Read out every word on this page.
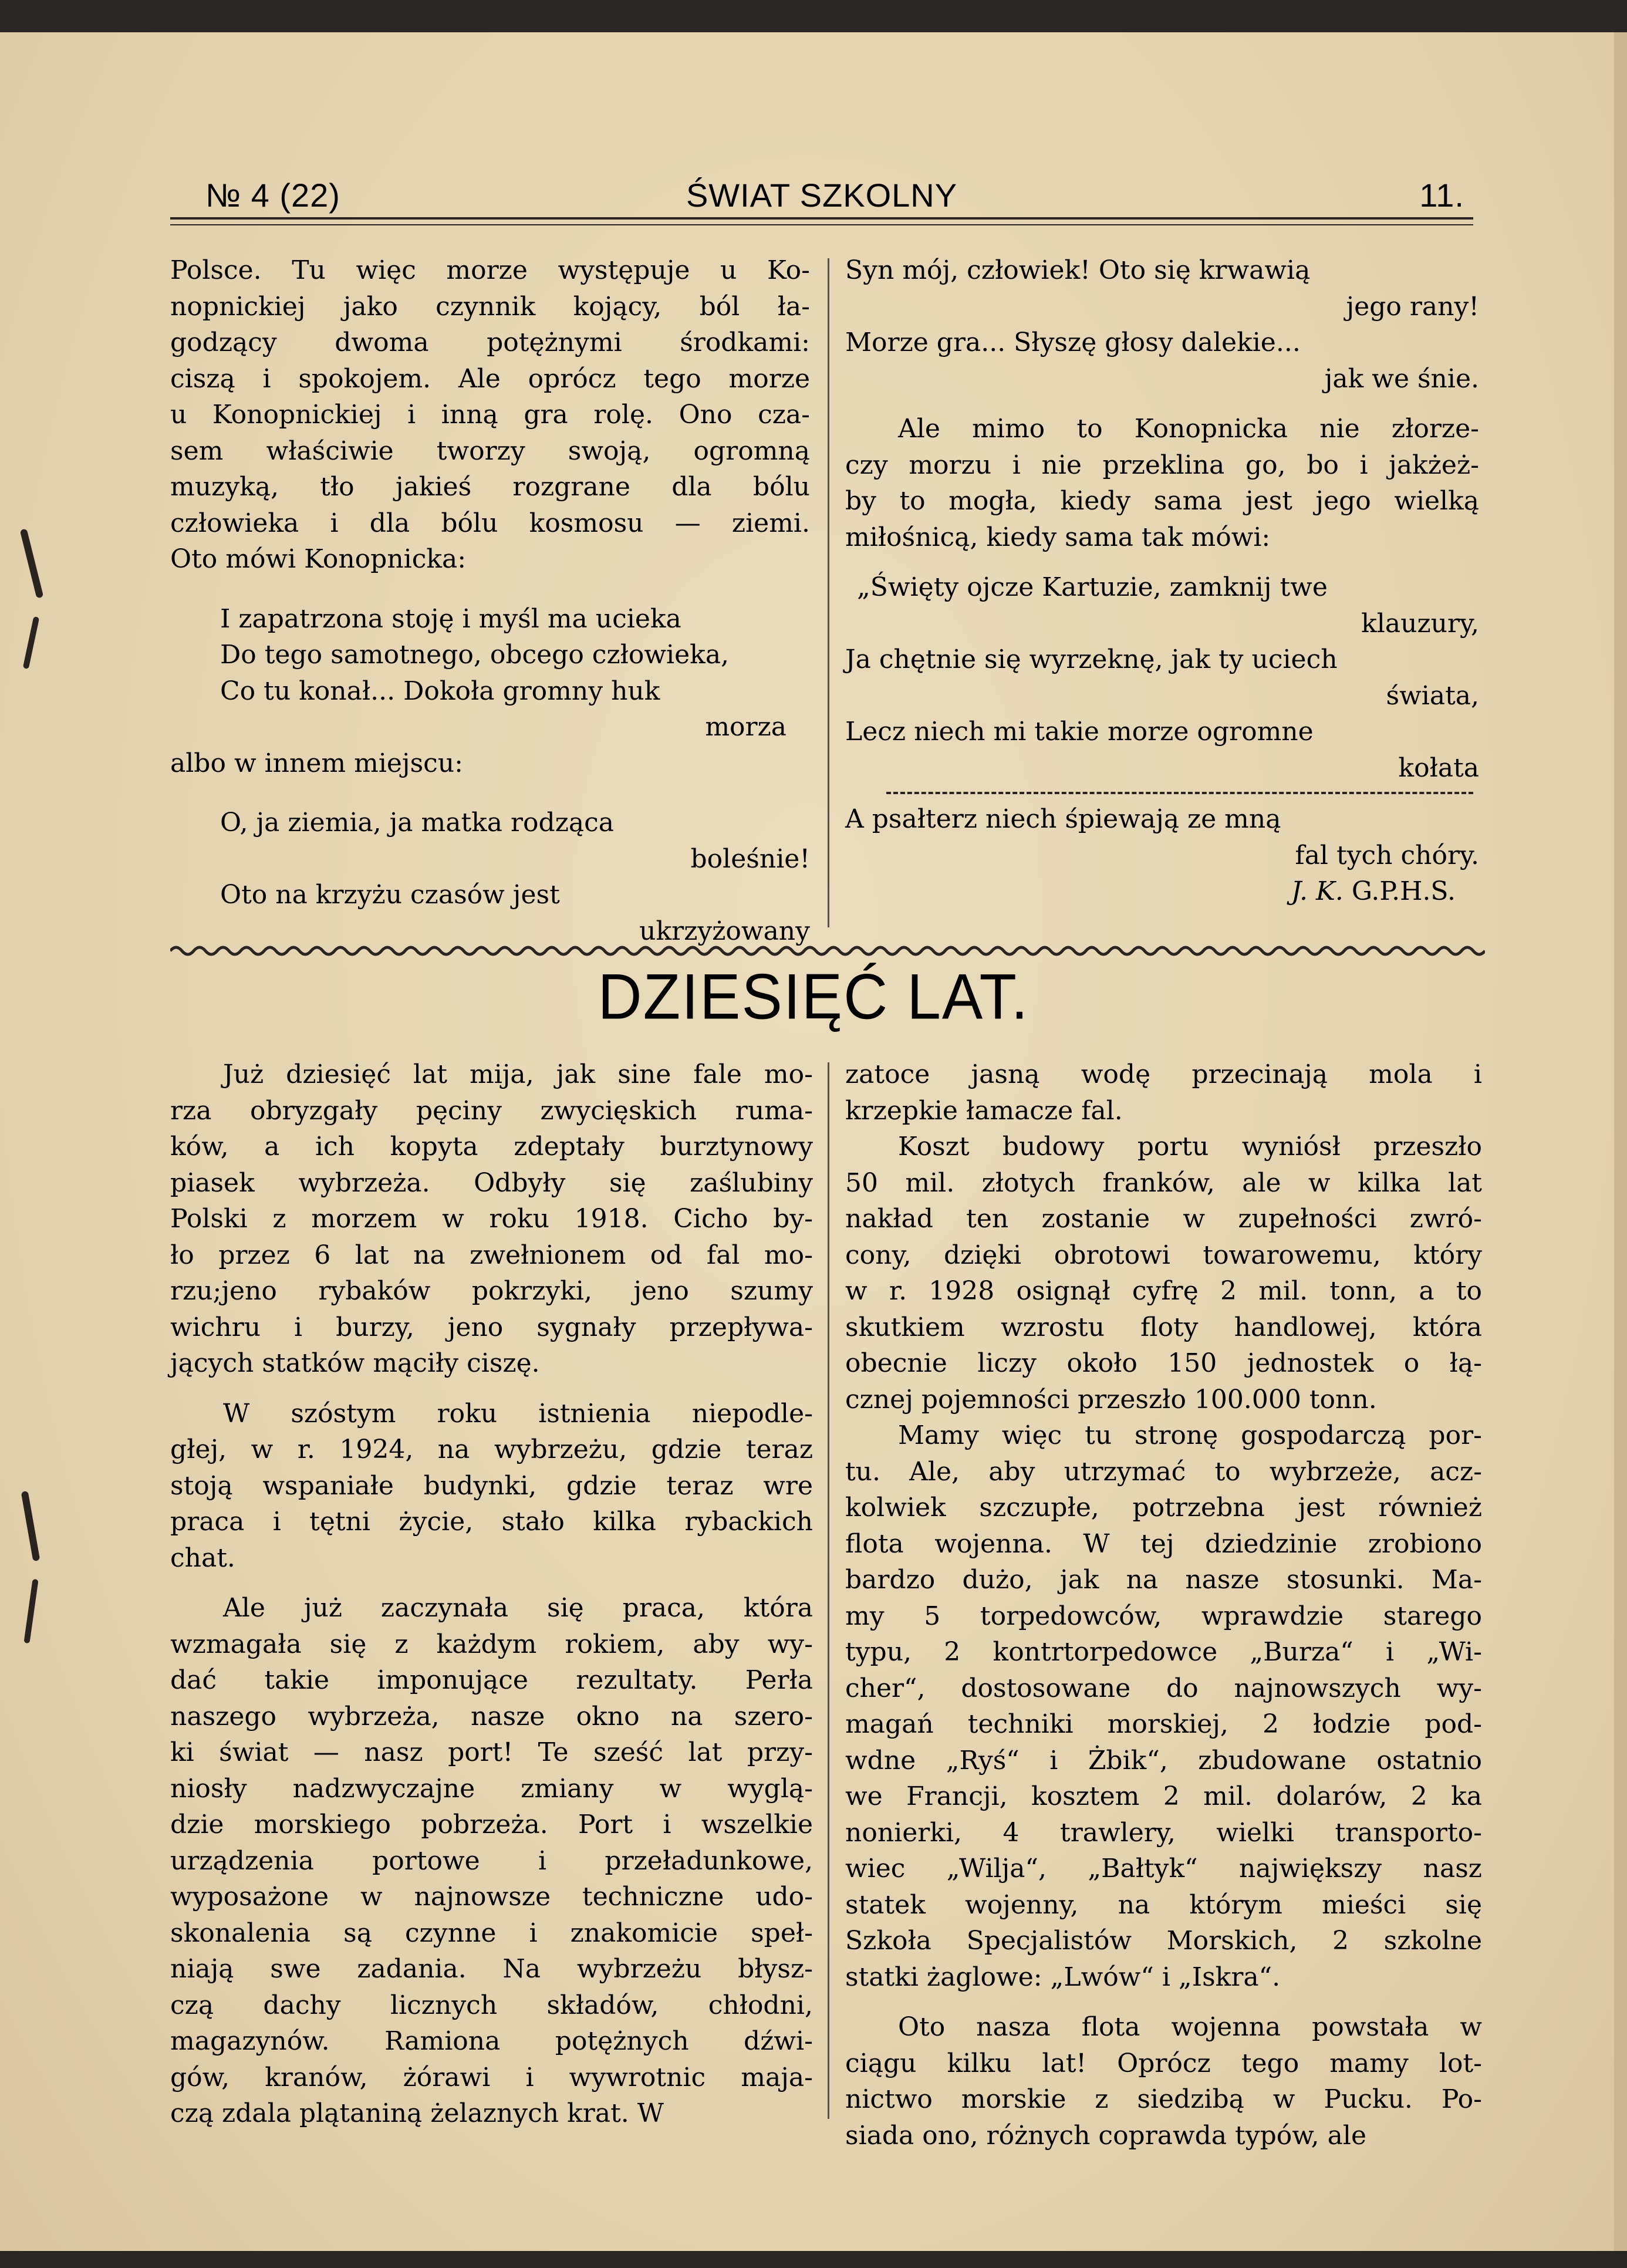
№ 4 (22)	ŚWIAT SZKOLNY	11.

Polsce. Tu więc morze występuje u Ko-

nopnickiej jako czynnik kojący, ból ła-

godzący dwoma potężnymi środkami:

ciszą i spokojem. Ale oprócz tego morze

u Konopnickiej i inną gra rolę. Ono cza-

sem właściwie tworzy swoją, ogromną

muzyką, tło jakieś rozgrane dla bólu

człowieka i dla bólu kosmosu — ziemi.

Oto mówi Konopnicka:

I zapatrzona stoję i myśl ma ucieka

Do tego samotnego, obcego człowieka,

Co tu konał... Dokoła gromny huk

morza
albo w innem miejscu:
O, ja ziemia, ja matka rodząca
boleśnie!
Oto na krzyżu czasów jest
ukrzyżowany
Syn mój, człowiek! Oto się krwawią
jego rany!
Morze gra... Słyszę głosy dalekie...
jak we śnie.

Ale mimo to Konopnicka nie złorze-

czy morzu i nie przeklina go, bo i jakżeż-

by to mogła, kiedy sama jest jego wielką

miłośnicą, kiedy sama tak mówi:

„Święty ojcze Kartuzie, zamknij twe
klauzury,
Ja chętnie się wyrzeknę, jak ty uciech
świata,
Lecz niech mi takie morze ogromne
kołata
A psałterz niech śpiewają ze mną
fal tych chóry.
J. K. G.P.H.S.
DZIESIĘĆ LAT.

Już dziesięć lat mija, jak sine fale mo-

rza obryzgały pęciny zwycięskich ruma-

ków, a ich kopyta zdeptały burztynowy

piasek wybrzeża. Odbyły się zaślubiny

Polski z morzem w roku 1918. Cicho by-

ło przez 6 lat na zwełnionem od fal mo-

rzu;jeno rybaków pokrzyki, jeno szumy

wichru i burzy, jeno sygnały przepływa-

jących statków mąciły ciszę.

W szóstym roku istnienia niepodle-

głej, w r. 1924, na wybrzeżu, gdzie teraz

stoją wspaniałe budynki, gdzie teraz wre

praca i tętni życie, stało kilka rybackich

chat.

Ale już zaczynała się praca, która

wzmagała się z każdym rokiem, aby wy-

dać takie imponujące rezultaty. Perła

naszego wybrzeża, nasze okno na szero-

ki świat — nasz port! Te sześć lat przy-

niosły nadzwyczajne zmiany w wyglą-

dzie morskiego pobrzeża. Port i wszelkie

urządzenia portowe i przeładunkowe,

wyposażone w najnowsze techniczne udo-

skonalenia są czynne i znakomicie speł-

niają swe zadania. Na wybrzeżu błysz-

czą dachy licznych składów, chłodni,

magazynów. Ramiona potężnych dźwi-

gów, kranów, żórawi i wywrotnic maja-

czą zdala plątaniną żelaznych krat. W

zatoce jasną wodę przecinają mola i

krzepkie łamacze fal.

Koszt budowy portu wyniósł przeszło

50 mil. złotych franków, ale w kilka lat

nakład ten zostanie w zupełności zwró-

cony, dzięki obrotowi towarowemu, który

w r. 1928 osignął cyfrę 2 mil. tonn, a to

skutkiem wzrostu floty handlowej, która

obecnie liczy około 150 jednostek o łą-

cznej pojemności przeszło 100.000 tonn.

Mamy więc tu stronę gospodarczą por-

tu. Ale, aby utrzymać to wybrzeże, acz-

kolwiek szczupłe, potrzebna jest również

flota wojenna. W tej dziedzinie zrobiono

bardzo dużo, jak na nasze stosunki. Ma-

my 5 torpedowców, wprawdzie starego

typu, 2 kontrtorpedowce „Burza“ i „Wi-

cher“, dostosowane do najnowszych wy-

magań techniki morskiej, 2 łodzie pod-

wdne „Ryś“ i Żbik“, zbudowane ostatnio

we Francji, kosztem 2 mil. dolarów, 2 ka

nonierki, 4 trawlery, wielki transporto-

wiec „Wilja“, „Bałtyk“ największy nasz

statek wojenny, na którym mieści się

Szkoła Specjalistów Morskich, 2 szkolne

statki żaglowe: „Lwów“ i „Iskra“.

Oto nasza flota wojenna powstała w

ciągu kilku lat! Oprócz tego mamy lot-

nictwo morskie z siedzibą w Pucku. Po-

siada ono, różnych coprawda typów, ale
